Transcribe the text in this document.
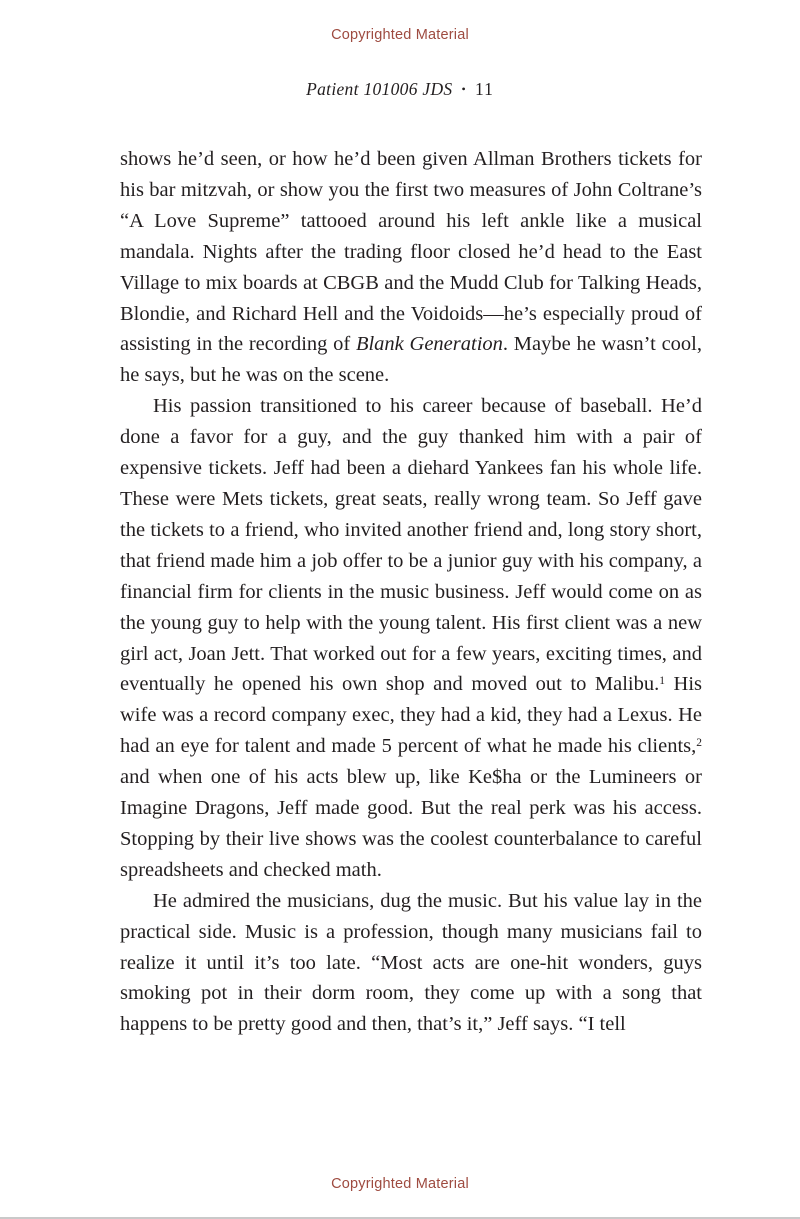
Copyrighted Material
Patient 101006 JDS • 11

shows he’d seen, or how he’d been given Allman Brothers tickets for his bar mitzvah, or show you the first two measures of John Coltrane’s “A Love Supreme” tattooed around his left ankle like a musical mandala. Nights after the trading floor closed he’d head to the East Village to mix boards at CBGB and the Mudd Club for Talking Heads, Blondie, and Richard Hell and the Voidoids—he’s especially proud of assisting in the recording of Blank Generation. Maybe he wasn’t cool, he says, but he was on the scene.

His passion transitioned to his career because of baseball. He’d done a favor for a guy, and the guy thanked him with a pair of expensive tickets. Jeff had been a diehard Yankees fan his whole life. These were Mets tickets, great seats, really wrong team. So Jeff gave the tickets to a friend, who invited another friend and, long story short, that friend made him a job offer to be a junior guy with his company, a financial firm for clients in the music business. Jeff would come on as the young guy to help with the young talent. His first client was a new girl act, Joan Jett. That worked out for a few years, exciting times, and eventually he opened his own shop and moved out to Malibu.$^1$ His wife was a record company exec, they had a kid, they had a Lexus. He had an eye for talent and made 5 percent of what he made his clients,$^2$ and when one of his acts blew up, like Ke$ha or the Lumineers or Imagine Dragons, Jeff made good. But the real perk was his access. Stopping by their live shows was the coolest counterbalance to careful spreadsheets and checked math.

He admired the musicians, dug the music. But his value lay in the practical side. Music is a profession, though many musicians fail to realize it until it’s too late. “Most acts are one-hit wonders, guys smoking pot in their dorm room, they come up with a song that happens to be pretty good and then, that’s it,” Jeff says. “I tell

Copyrighted Material
